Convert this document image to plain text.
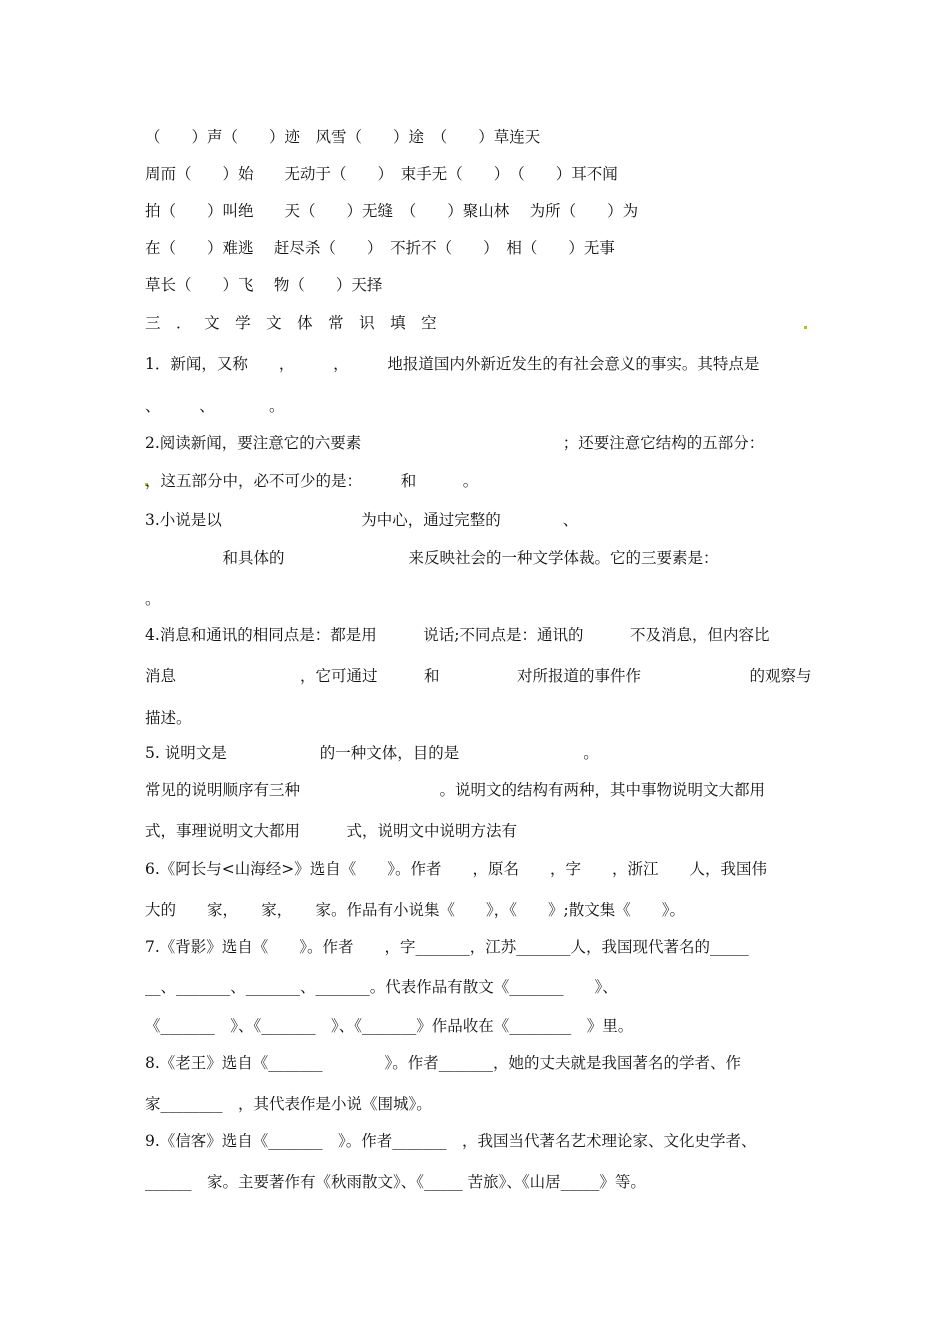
（　　）声（　　）迹　风雪（　　）途　（　　）草连天
周而（　　）始　　无动于（　　）　束手无（　　）　（　　）耳不闻
拍（　　）叫绝　　天（　　）无缝　（　　）聚山林　 为所（　　）为
在（　　）难逃　 赶尽杀（　　）　不折不（　　）　相（　　）无事
草长（　　）飞　 物（　　）天择
三　．　 文　学　文　体　常　识　填　空
1．新闻，又称　　，　　　，　　　地报道国内外新近发生的有社会意义的事实。其特点是
、　　　、　　　　。
2.阅读新闻，要注意它的六要素　　　　　　　　　　　　　；还要注意它结构的五部分：
，这五部分中，必不可少的是：　　　和　　　。
3.小说是以　　　　　　　　　为中心，通过完整的　　　　、
　　　　　和具体的　　　　　　　　来反映社会的一种文学体裁。它的三要素是：
。
4.消息和通讯的相同点是：都是用　　　说话;不同点是：通讯的　　　不及消息，但内容比
消息　　　　　　　　，它可通过　　　和　　　　　对所报道的事件作　　　　　　　的观察与
描述。
5. 说明文是　　　　　　的一种文体，目的是　　　　　　　　。
常见的说明顺序有三种　　　　　　　　　。说明文的结构有两种，其中事物说明文大都用
式，事理说明文大都用　　　式，说明文中说明方法有
6.《阿长与<山海经>》选自《　　》。作者　　，原名　　，字　　，浙江　　人，我国伟
大的　　家，　　家，　　家。作品有小说集《　　》，《　　》;散文集《　　》。
7.《背影》选自《　　》。作者　　，字_______，江苏_______人，我国现代著名的_____
__、_______、_______、_______。代表作品有散文《_______　　》、
《_______　》、《_______　》、《_______》作品收在《________　》里。
8.《老王》选自《_______　　　　》。作者_______，她的丈夫就是我国著名的学者、作
家________　，其代表作是小说《围城》。
9.《信客》选自《_______　》。作者_______　，我国当代著名艺术理论家、文化史学者、
______　家。主要著作有《秋雨散文》、《_____ 苦旅》、《山居_____》等。
